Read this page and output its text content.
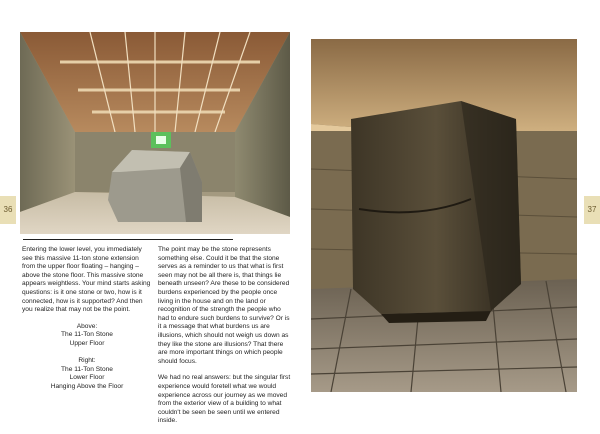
36	37

Entering the lower level, you immediately see this massive 11-ton stone extension from the upper floor floating – hanging – above the stone floor. This massive stone appears weightless. Your mind starts asking questions: is it one stone or two, how is it connected, how is it supported? And then you realize that may not be the point.

Above:
The 11-Ton Stone
Upper Floor
Right:
The 11-Ton Stone
Lower Floor
Hanging Above the Floor

The point may be the stone represents something else. Could it be that the stone serves as a reminder to us that what is first seen may not be all there is, that things lie beneath unseen? Are these to be considered burdens experienced by the people once living in the house and on the land or recognition of the strength the people who had to endure such burdens to survive? Or is it a message that what burdens us are illusions, which should not weigh us down as they like the stone are illusions? That there are more important things on which people should focus.

We had no real answers: but the singular first experience would foretell what we would experience across our journey as we moved from the exterior view of a building to what couldn't be seen be seen until we entered inside.
